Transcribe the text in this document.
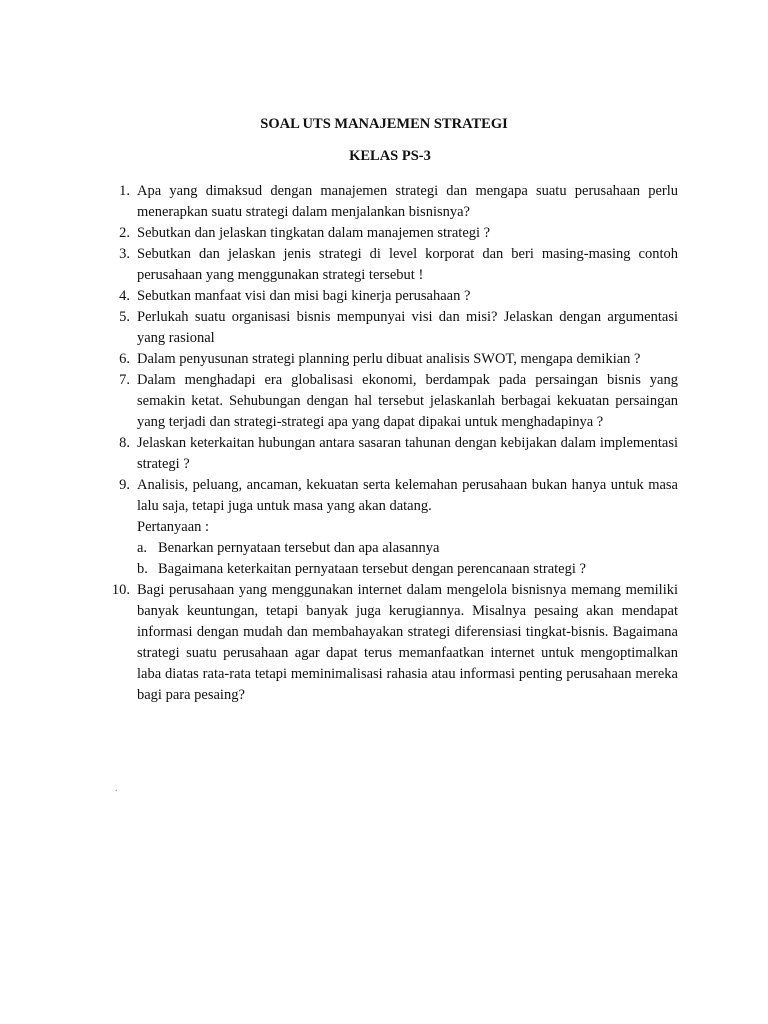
SOAL UTS MANAJEMEN STRATEGI
KELAS PS-3
1. Apa yang dimaksud dengan manajemen strategi dan mengapa suatu perusahaan perlu menerapkan suatu strategi dalam menjalankan bisnisnya?
2. Sebutkan dan jelaskan tingkatan dalam manajemen strategi ?
3. Sebutkan dan jelaskan jenis strategi di level korporat dan beri masing-masing contoh perusahaan yang menggunakan strategi tersebut !
4. Sebutkan manfaat visi dan misi bagi kinerja perusahaan ?
5. Perlukah suatu organisasi bisnis mempunyai visi dan misi? Jelaskan dengan argumentasi yang rasional
6. Dalam penyusunan strategi planning perlu dibuat analisis SWOT, mengapa demikian ?
7. Dalam menghadapi era globalisasi ekonomi, berdampak pada persaingan bisnis yang semakin ketat. Sehubungan dengan hal tersebut jelaskanlah berbagai kekuatan persaingan yang terjadi dan strategi-strategi apa yang dapat dipakai untuk menghadapinya ?
8. Jelaskan keterkaitan hubungan antara sasaran tahunan dengan kebijakan dalam implementasi strategi ?
9. Analisis, peluang, ancaman, kekuatan serta kelemahan perusahaan bukan hanya untuk masa lalu saja, tetapi juga untuk masa yang akan datang.
Pertanyaan :
a. Benarkan pernyataan tersebut dan apa alasannya
b. Bagaimana keterkaitan pernyataan tersebut dengan perencanaan strategi ?
10. Bagi perusahaan yang menggunakan internet dalam mengelola bisnisnya memang memiliki banyak keuntungan, tetapi banyak juga kerugiannya. Misalnya pesaing akan mendapat informasi dengan mudah dan membahayakan strategi diferensiasi tingkat-bisnis. Bagaimana strategi suatu perusahaan agar dapat terus memanfaatkan internet untuk mengoptimalkan laba diatas rata-rata tetapi meminimalisasi rahasia atau informasi penting perusahaan mereka bagi para pesaing?
.
